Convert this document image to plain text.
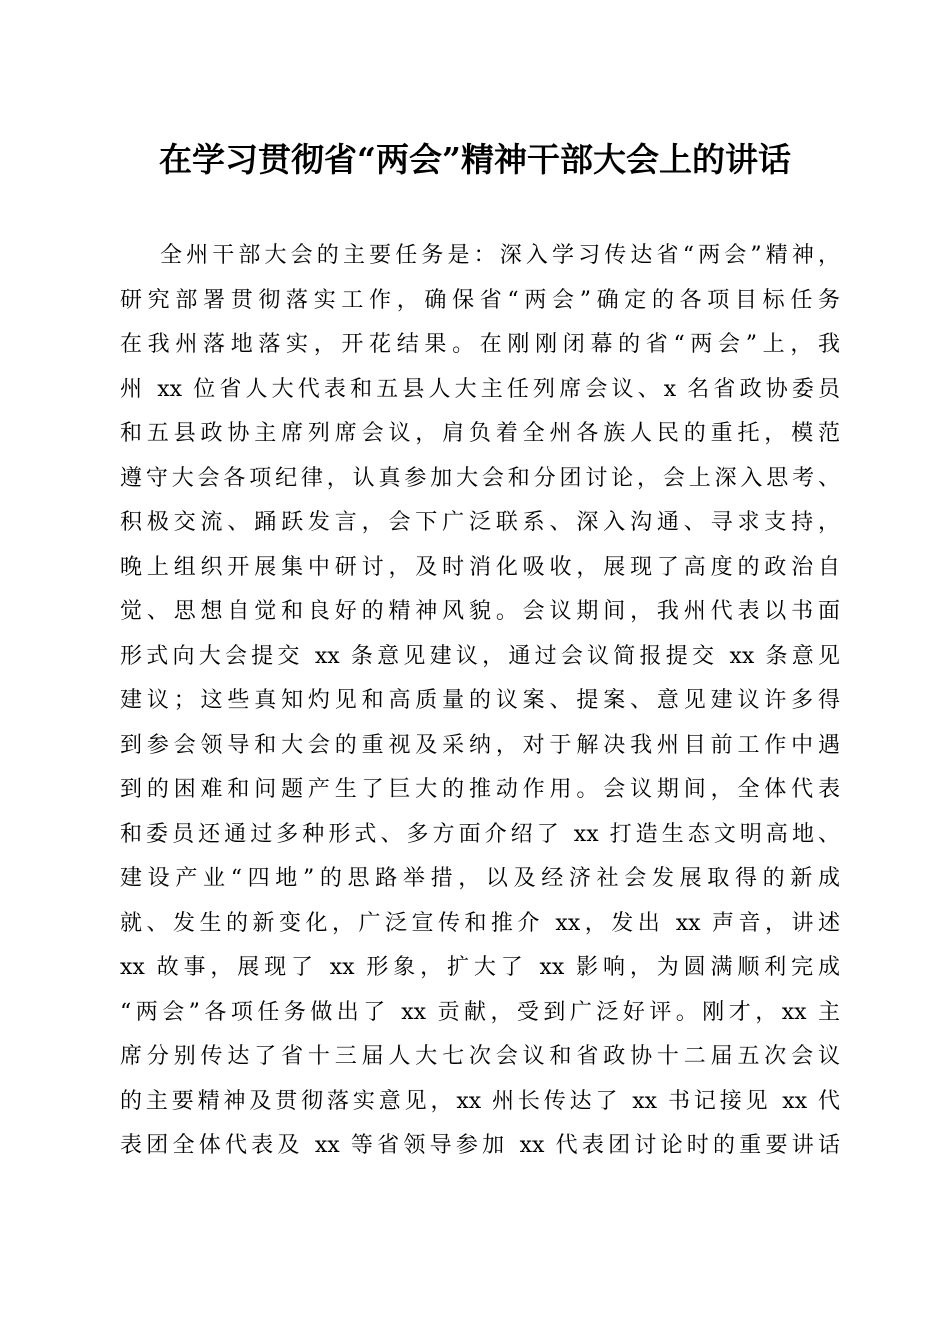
在学习贯彻省“两会”精神干部大会上的讲话
全州干部大会的主要任务是：深入学习传达省“两会”精神，
研究部署贯彻落实工作，确保省“两会”确定的各项目标任务
在我州落地落实，开花结果。在刚刚闭幕的省“两会”上，我
州 xx 位省人大代表和五县人大主任列席会议、x 名省政协委员
和五县政协主席列席会议，肩负着全州各族人民的重托，模范
遵守大会各项纪律，认真参加大会和分团讨论，会上深入思考、
积极交流、踊跃发言，会下广泛联系、深入沟通、寻求支持，
晚上组织开展集中研讨，及时消化吸收，展现了高度的政治自
觉、思想自觉和良好的精神风貌。会议期间，我州代表以书面
形式向大会提交 xx 条意见建议，通过会议简报提交 xx 条意见
建议；这些真知灼见和高质量的议案、提案、意见建议许多得
到参会领导和大会的重视及采纳，对于解决我州目前工作中遇
到的困难和问题产生了巨大的推动作用。会议期间，全体代表
和委员还通过多种形式、多方面介绍了 xx 打造生态文明高地、
建设产业“四地”的思路举措，以及经济社会发展取得的新成
就、发生的新变化，广泛宣传和推介 xx，发出 xx 声音，讲述
xx 故事，展现了 xx 形象，扩大了 xx 影响，为圆满顺利完成
“两会”各项任务做出了 xx 贡献，受到广泛好评。刚才，xx 主
席分别传达了省十三届人大七次会议和省政协十二届五次会议
的主要精神及贯彻落实意见，xx 州长传达了 xx 书记接见 xx 代
表团全体代表及 xx 等省领导参加 xx 代表团讨论时的重要讲话
